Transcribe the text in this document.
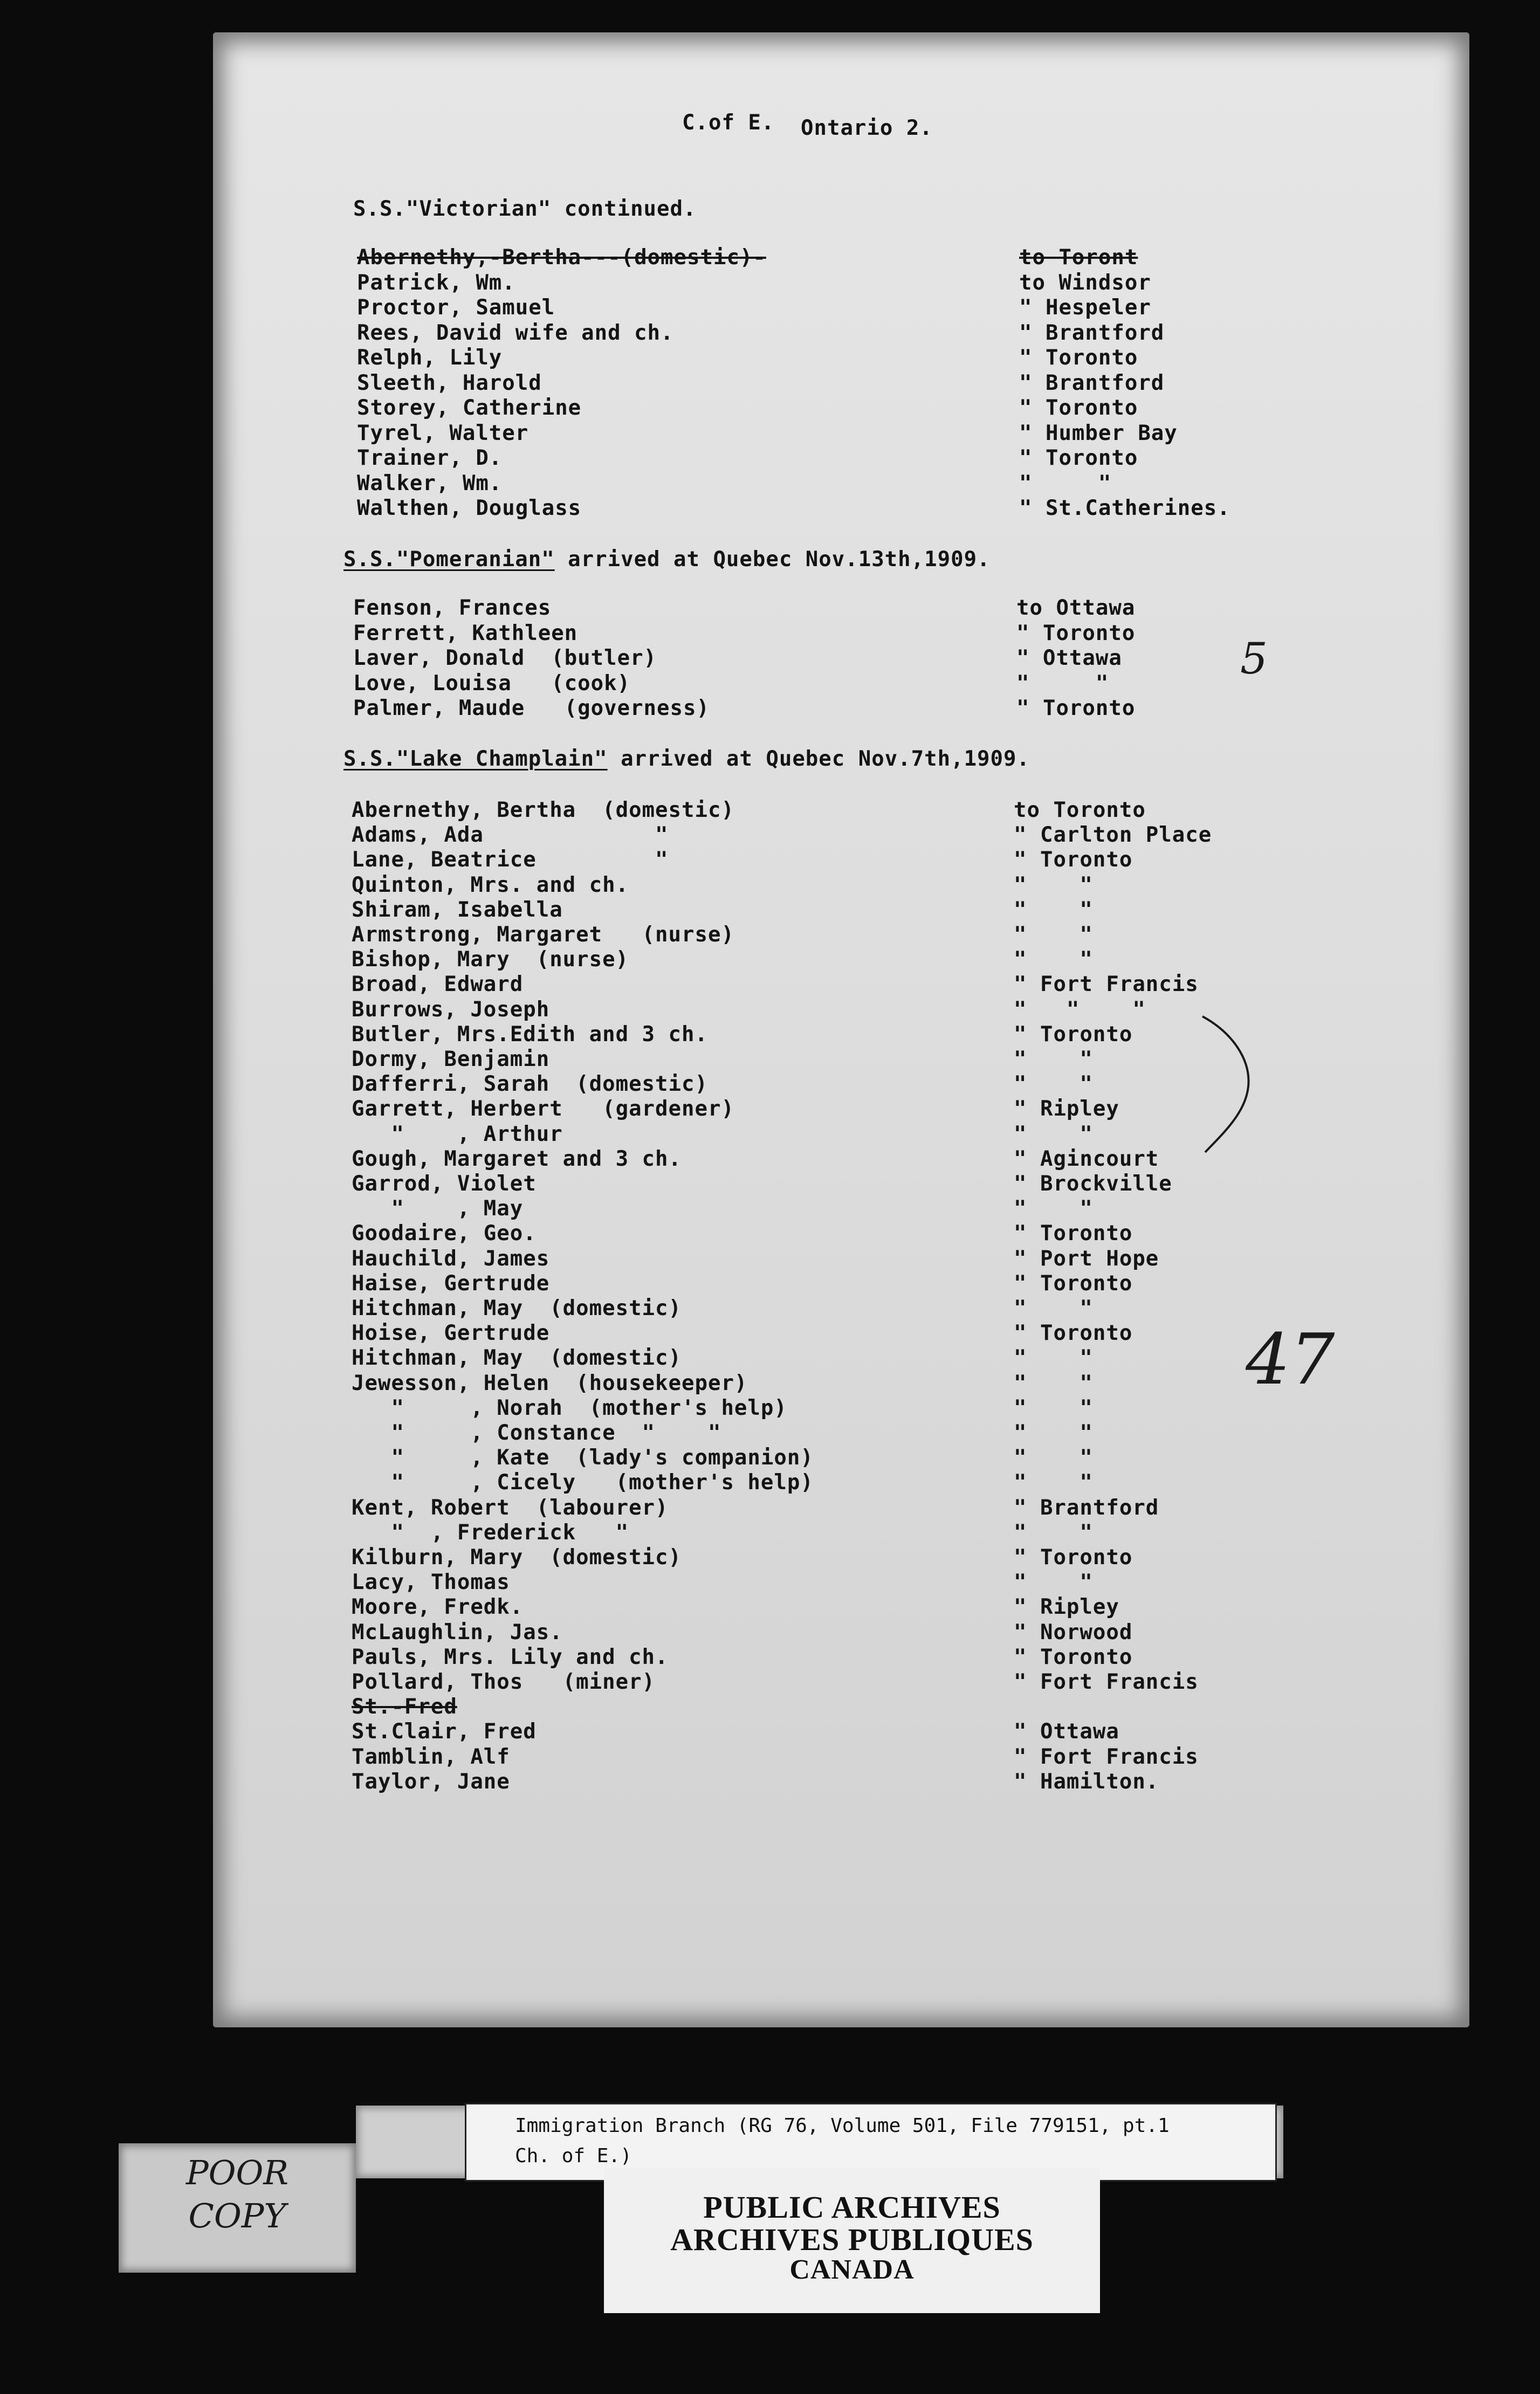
C.of E. Ontario 2.
S.S."Victorian" continued.
Abernethy,-Bertha---(domestic)-	to Toront
Patrick, Wm.	to Windsor
Proctor, Samuel	" Hespeler
Rees, David wife and ch.	" Brantford
Relph, Lily	" Toronto
Sleeth, Harold	" Brantford
Storey, Catherine	" Toronto
Tyrel, Walter	" Humber Bay
Trainer, D.	" Toronto
Walker, Wm.	"     "
Walthen, Douglass	" St.Catherines.
S.S."Pomeranian" arrived at Quebec Nov.13th,1909.
Fenson, Frances	to Ottawa
Ferrett, Kathleen	" Toronto
Laver, Donald  (butler)	" Ottawa
Love, Louisa   (cook)	"     "
Palmer, Maude   (governess)	" Toronto
S.S."Lake Champlain" arrived at Quebec Nov.7th,1909.
Abernethy, Bertha  (domestic)	to Toronto
Adams, Ada             "	" Carlton Place
Lane, Beatrice         "	" Toronto
Quinton, Mrs. and ch.	"    "
Shiram, Isabella	"    "
Armstrong, Margaret   (nurse)	"    "
Bishop, Mary  (nurse)	"    "
Broad, Edward	" Fort Francis
Burrows, Joseph	"   "    "
Butler, Mrs.Edith and 3 ch.	" Toronto
Dormy, Benjamin	"    "
Dafferri, Sarah  (domestic)	"    "
Garrett, Herbert   (gardener)	" Ripley
"    , Arthur	"    "
Gough, Margaret and 3 ch.	" Agincourt
Garrod, Violet	" Brockville
"    , May	"    "
Goodaire, Geo.	" Toronto
Hauchild, James	" Port Hope
Haise, Gertrude	" Toronto
Hitchman, May  (domestic)	"    "
Hoise, Gertrude	" Toronto
Hitchman, May  (domestic)	"    "
Jewesson, Helen  (housekeeper)	"    "
"     , Norah  (mother's help)	"    "
"     , Constance  "    "	"    "
"     , Kate  (lady's companion)	"    "
"     , Cicely   (mother's help)	"    "
Kent, Robert  (labourer)	" Brantford
"  , Frederick   "	"    "
Kilburn, Mary  (domestic)	" Toronto
Lacy, Thomas	"    "
Moore, Fredk.	" Ripley
McLaughlin, Jas.	" Norwood
Pauls, Mrs. Lily and ch.	" Toronto
Pollard, Thos   (miner)	" Fort Francis
St.-Fred
St.Clair, Fred	" Ottawa
Tamblin, Alf	" Fort Francis
Taylor, Jane	" Hamilton.
5
47
Immigration Branch (RG 76, Volume 501, File 779151, pt.1
Ch. of E.)
POOR
COPY	PUBLIC ARCHIVES
ARCHIVES PUBLIQUES
CANADA
